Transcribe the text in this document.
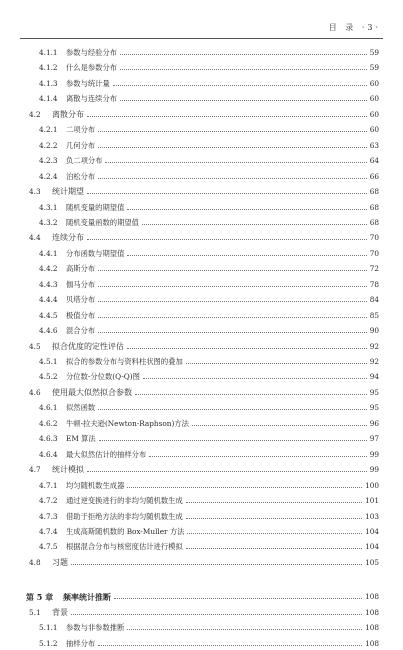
目 录 ·3·
4.1.1 参数与经验分布	59
4.1.2 什么是参数分布	59
4.1.3 参数与统计量	60
4.1.4 离散与连续分布	60
4.2 离散分布	60
4.2.1 二项分布	60
4.2.2 几何分布	63
4.2.3 负二项分布	64
4.2.4 泊松分布	66
4.3 统计期望	68
4.3.1 随机变量的期望值	68
4.3.2 随机变量函数的期望值	68
4.4 连续分布	70
4.4.1 分布函数与期望值	70
4.4.2 高斯分布	72
4.4.3 伽马分布	78
4.4.4 贝塔分布	84
4.4.5 极值分布	85
4.4.6 混合分布	90
4.5 拟合优度的定性评估	92
4.5.1 拟合的参数分布与资料柱状图的叠加	92
4.5.2 分位数-分位数(Q-Q)图	94
4.6 使用最大似然拟合参数	95
4.6.1 似然函数	95
4.6.2 牛顿-拉夫逊(Newton-Raphson)方法	96
4.6.3 EM 算法	97
4.6.4 最大似然估计的抽样分布	99
4.7 统计模拟	99
4.7.1 均匀随机数生成器	100
4.7.2 通过逆变换进行的非均匀随机数生成	101
4.7.3 借助于拒绝方法的非均匀随机数生成	103
4.7.4 生成高斯随机数的 Box-Muller 方法	104
4.7.5 根据混合分布与核密度估计进行模拟	104
4.8 习题	105
第 5 章 频率统计推断	108
5.1 背景	108
5.1.1 参数与非参数推断	108
5.1.2 抽样分布	108
